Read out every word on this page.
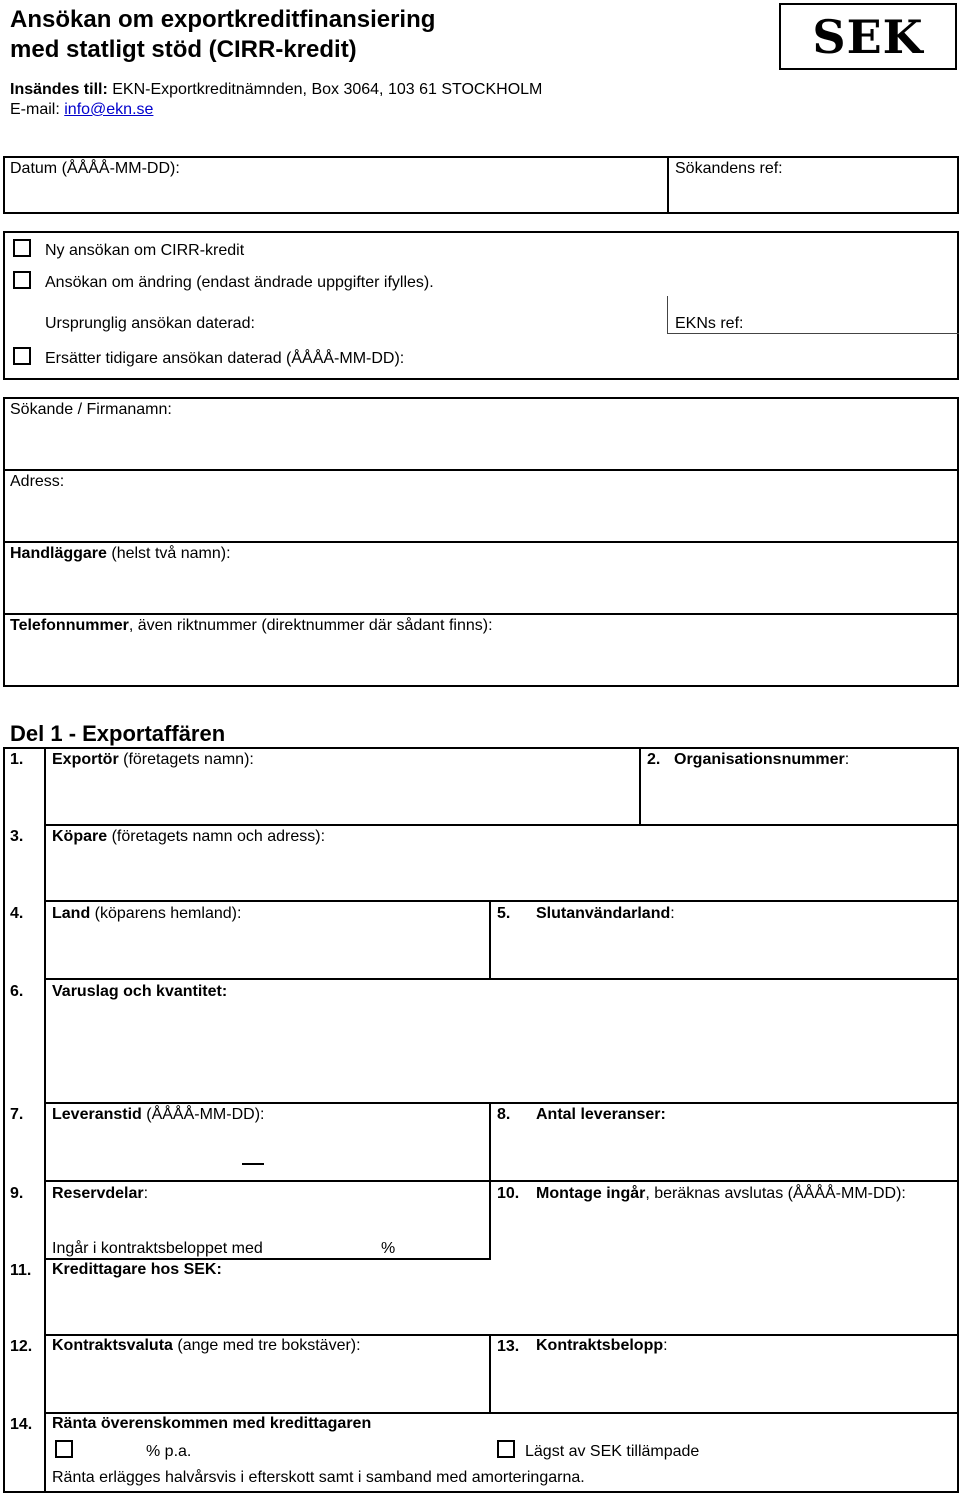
Ansökan om exportkreditfinansiering
med statligt stöd (CIRR-kredit)
Insändes till: EKN-Exportkreditnämnden, Box 3064, 103 61 STOCKHOLM
E-mail: info@ekn.se
SEK
Datum (ÅÅÅÅ-MM-DD):	Sökandens ref:
Ny ansökan om CIRR-kredit
Ansökan om ändring (endast ändrade uppgifter ifylles).
Ursprunglig ansökan daterad:	EKNs ref:
Ersätter tidigare ansökan daterad (ÅÅÅÅ-MM-DD):
Sökande / Firmanamn:
Adress:
Handläggare (helst två namn):
Telefonnummer, även riktnummer (direktnummer där sådant finns):
Del 1 - Exportaffären
1. Exportör (företagets namn):	2. Organisationsnummer:
3. Köpare (företagets namn och adress):
4. Land (köparens hemland):	5. Slutanvändarland:
6. Varuslag och kvantitet:
7. Leveranstid (ÅÅÅÅ-MM-DD):	8. Antal leveranser:
9. Reservdelar:
Ingår i kontraktsbeloppet med	%
10. Montage ingår, beräknas avslutas (ÅÅÅÅ-MM-DD):
11. Kredittagare hos SEK:
12. Kontraktsvaluta (ange med tre bokstäver):	13. Kontraktsbelopp:
14. Ränta överenskommen med kredittagaren
% p.a.	Lägst av SEK tillämpade
Ränta erlägges halvårsvis i efterskott samt i samband med amorteringarna.
